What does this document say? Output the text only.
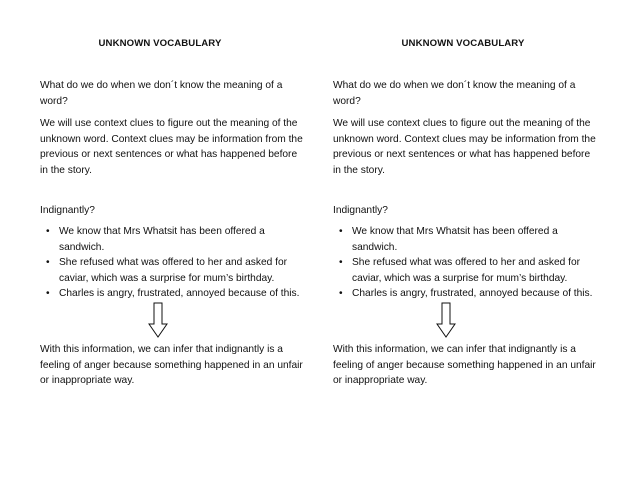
UNKNOWN VOCABULARY
What do we do when we don´t know the meaning of a word?
We will use context clues to figure out the meaning of the unknown word. Context clues may be information from the previous or next sentences or what has happened before in the story.
Indignantly?
• We know that Mrs Whatsit has been offered a sandwich.
• She refused what was offered to her and asked for caviar, which was a surprise for mum’s birthday.
• Charles is angry, frustrated, annoyed because of this.
With this information, we can infer that indignantly is a feeling of anger because something happened in an unfair or inappropriate way.
UNKNOWN VOCABULARY
What do we do when we don´t know the meaning of a word?
We will use context clues to figure out the meaning of the unknown word. Context clues may be information from the previous or next sentences or what has happened before in the story.
Indignantly?
• We know that Mrs Whatsit has been offered a sandwich.
• She refused what was offered to her and asked for caviar, which was a surprise for mum’s birthday.
• Charles is angry, frustrated, annoyed because of this.
With this information, we can infer that indignantly is a feeling of anger because something happened in an unfair or inappropriate way.
